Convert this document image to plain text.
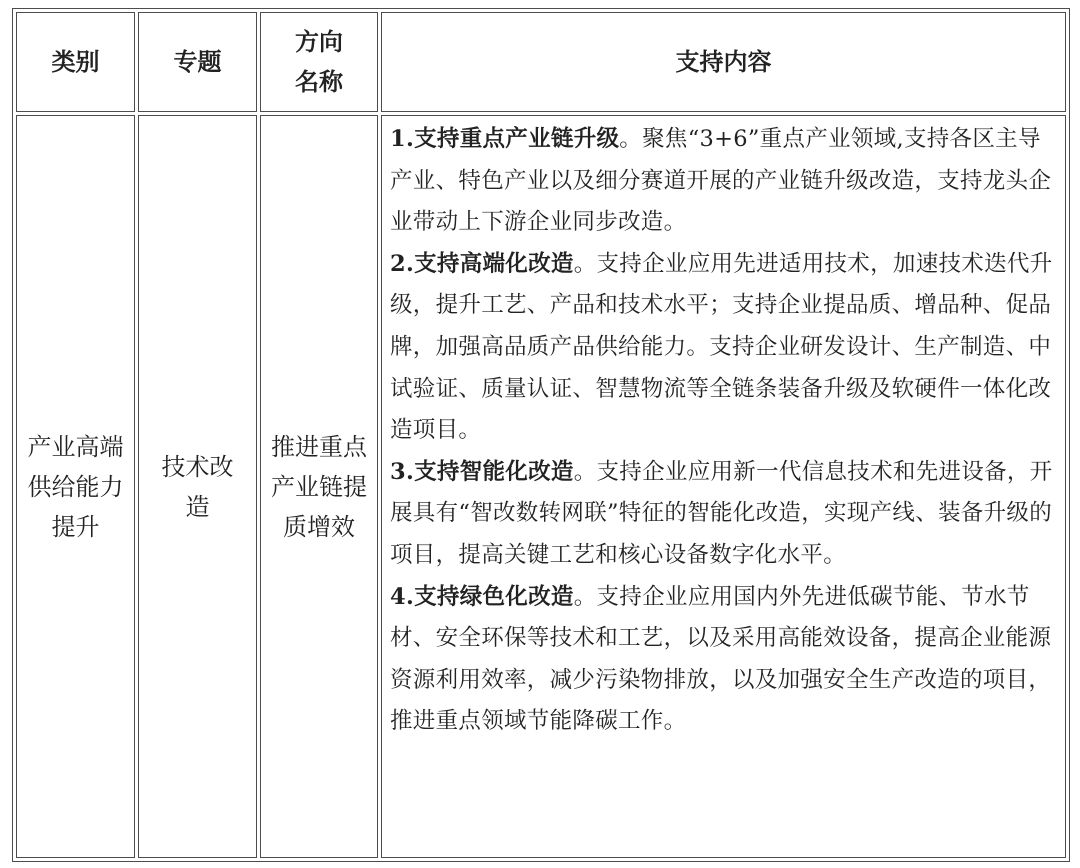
类别	专题	方向名称	支持内容
产业高端供给能力提升	技术改造	推进重点产业链提质增效	1.支持重点产业链升级。聚焦“3+6”重点产业领域,支持各区主导产业、特色产业以及细分赛道开展的产业链升级改造，支持龙头企业带动上下游企业同步改造。
2.支持高端化改造。支持企业应用先进适用技术，加速技术迭代升级，提升工艺、产品和技术水平；支持企业提品质、增品种、促品牌，加强高品质产品供给能力。支持企业研发设计、生产制造、中试验证、质量认证、智慧物流等全链条装备升级及软硬件一体化改造项目。
3.支持智能化改造。支持企业应用新一代信息技术和先进设备，开展具有“智改数转网联”特征的智能化改造，实现产线、装备升级的项目，提高关键工艺和核心设备数字化水平。
4.支持绿色化改造。支持企业应用国内外先进低碳节能、节水节材、安全环保等技术和工艺，以及采用高能效设备，提高企业能源资源利用效率，减少污染物排放，以及加强安全生产改造的项目，推进重点领域节能降碳工作。
